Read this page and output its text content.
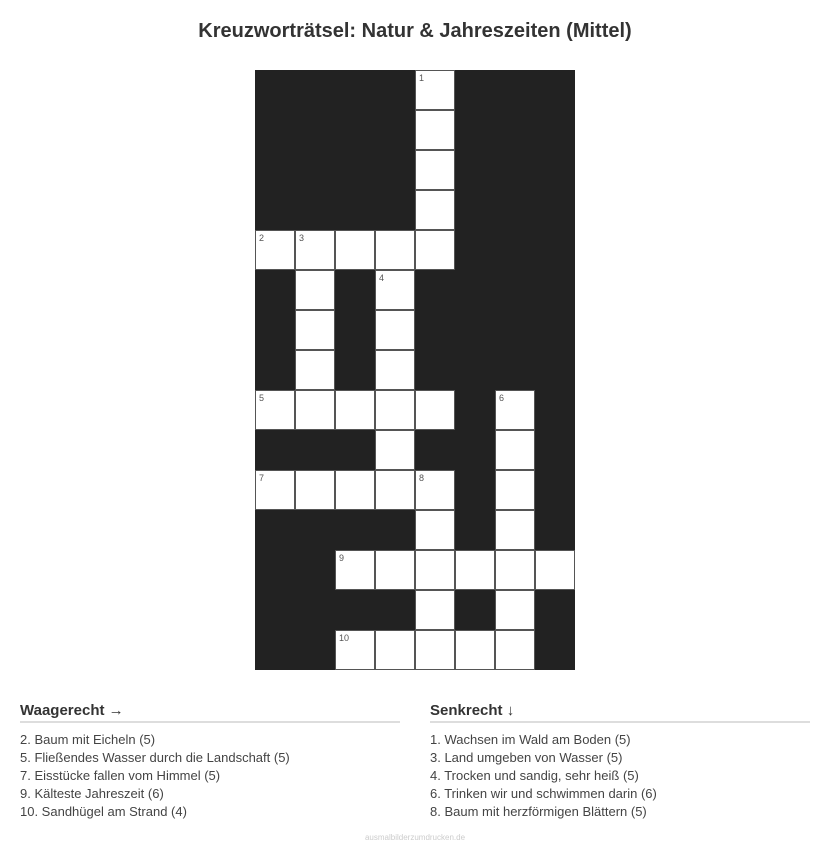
Kreuzworträtsel: Natur & Jahreszeiten (Mittel)
1
2	3
4
5	6
7	8
9
10
Waagerecht →
2. Baum mit Eicheln (5)
5. Fließendes Wasser durch die Landschaft (5)
7. Eisstücke fallen vom Himmel (5)
9. Kälteste Jahreszeit (6)
10. Sandhügel am Strand (4)
Senkrecht ↓
1. Wachsen im Wald am Boden (5)
3. Land umgeben von Wasser (5)
4. Trocken und sandig, sehr heiß (5)
6. Trinken wir und schwimmen darin (6)
8. Baum mit herzförmigen Blättern (5)
ausmalbilderzumdrucken.de
